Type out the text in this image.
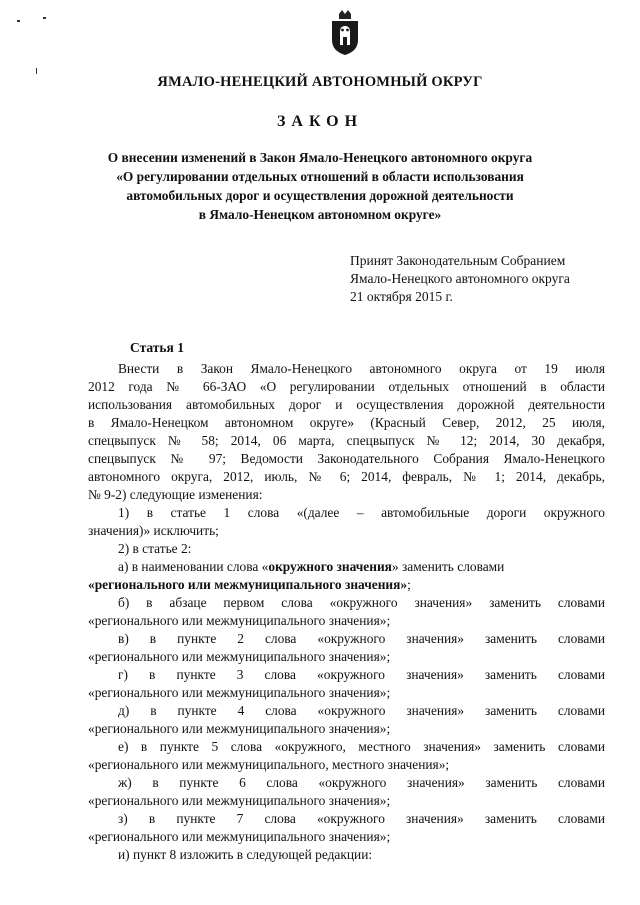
ЯМАЛО-НЕНЕЦКИЙ АВТОНОМНЫЙ ОКРУГ
ЗАКОН
О внесении изменений в Закон Ямало-Ненецкого автономного округа
«О регулировании отдельных отношений в области использования
автомобильных дорог и осуществления дорожной деятельности
в Ямало-Ненецком автономном округе»
Принят Законодательным Собранием
Ямало-Ненецкого автономного округа
21 октября 2015 г.
Статья 1
Внести в Закон Ямало-Ненецкого автономного округа от 19 июля
2012 года № 66-ЗАО «О регулировании отдельных отношений в области
использования автомобильных дорог и осуществления дорожной деятельности
в Ямало-Ненецком автономном округе» (Красный Север, 2012, 25 июля,
спецвыпуск № 58; 2014, 06 марта, спецвыпуск № 12; 2014, 30 декабря,
спецвыпуск № 97; Ведомости Законодательного Собрания Ямало-Ненецкого
автономного округа, 2012, июль, № 6; 2014, февраль, № 1; 2014, декабрь,
№ 9-2) следующие изменения:
1) в статье 1 слова «(далее – автомобильные дороги окружного
значения)» исключить;
2) в статье 2:
а) в наименовании слова «окружного значения» заменить словами
«регионального или межмуниципального значения»;
б) в абзаце первом слова «окружного значения» заменить словами
«регионального или межмуниципального значения»;
в) в пункте 2 слова «окружного значения» заменить словами
«регионального или межмуниципального значения»;
г) в пункте 3 слова «окружного значения» заменить словами
«регионального или межмуниципального значения»;
д) в пункте 4 слова «окружного значения» заменить словами
«регионального или межмуниципального значения»;
е) в пункте 5 слова «окружного, местного значения» заменить словами
«регионального или межмуниципального, местного значения»;
ж) в пункте 6 слова «окружного значения» заменить словами
«регионального или межмуниципального значения»;
з) в пункте 7 слова «окружного значения» заменить словами
«регионального или межмуниципального значения»;
и) пункт 8 изложить в следующей редакции:
